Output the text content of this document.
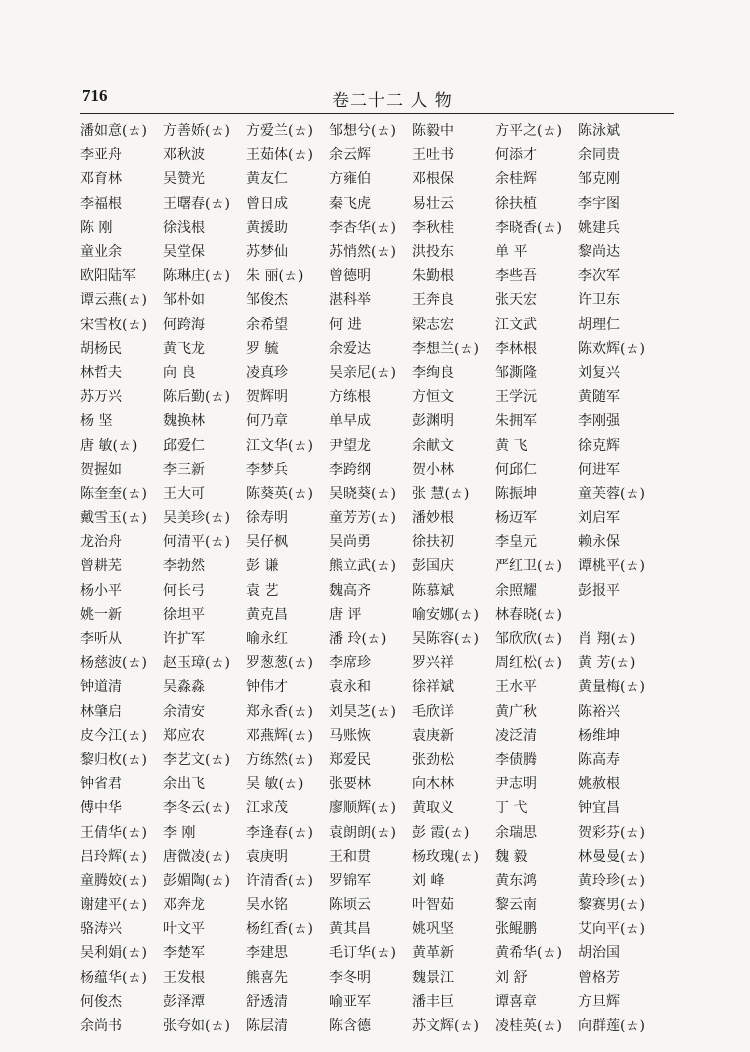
716	卷二十二 人 物
潘如意(ㄊ)	方善娇(ㄊ)	方爱兰(ㄊ)	邹想兮(ㄊ)	陈毅中	方平之(ㄊ)	陈泳斌
李亚舟	邓秋波	王茹体(ㄊ)	余云辉	王吐书	何添才	余同贵
邓育林	吴赞光	黄友仁	方雍伯	邓根保	余桂辉	邹克刚
李福根	王曙春(ㄊ)	曾日成	秦飞虎	易壮云	徐扶植	李宇图
陈 刚	徐浅根	黄援助	李杏华(ㄊ)	李秋桂	李晓香(ㄊ)	姚建兵
童业余	吴堂保	苏梦仙	苏悄然(ㄊ)	洪投东	单 平	黎尚达
欧阳陆军	陈琳庄(ㄊ)	朱 丽(ㄊ)	曾德明	朱勤根	李些吾	李次军
谭云燕(ㄊ)	邹朴如	邹俊杰	湛科举	王奔良	张天宏	许卫东
宋雪枚(ㄊ)	何跨海	余希望	何 进	梁志宏	江文武	胡理仁
胡杨民	黄飞龙	罗 毓	余爱达	李想兰(ㄊ)	李林根	陈欢辉(ㄊ)
林哲夫	向 良	凌真珍	吴亲尼(ㄊ)	李绚良	邹澌隆	刘复兴
苏万兴	陈后勤(ㄊ)	贺辉明	方练根	方恒文	王学沅	黄随军
杨 坚	魏换林	何乃章	单早成	彭渊明	朱拥军	李刚强
唐 敏(ㄊ)	邱爱仁	江文华(ㄊ)	尹望龙	余献文	黄 飞	徐克辉
贺握如	李三新	李梦兵	李跨纲	贺小林	何邱仁	何进军
陈奎奎(ㄊ)	王大可	陈葵英(ㄊ)	吴晓葵(ㄊ)	张 慧(ㄊ)	陈振坤	童芙蓉(ㄊ)
戴雪玉(ㄊ)	吴美珍(ㄊ)	徐寿明	童芳芳(ㄊ)	潘妙根	杨迈军	刘启军
龙治舟	何清平(ㄊ)	吴仔枫	吴尚勇	徐扶初	李皇元	赖永保
曾耕芜	李勃然	彭 谦	熊立武(ㄊ)	彭国庆	严红卫(ㄊ)	谭桃平(ㄊ)
杨小平	何长弓	袁 艺	魏高齐	陈慕斌	余照耀	彭报平
姚一新	徐坦平	黄克昌	唐 评	喻安娜(ㄊ)	林春晓(ㄊ)
李听从	许扩军	喻永红	潘 玲(ㄊ)	吴陈容(ㄊ)	邹欣欣(ㄊ)	肖 翔(ㄊ)
杨慈波(ㄊ)	赵玉璋(ㄊ)	罗葱葱(ㄊ)	李席珍	罗兴祥	周红松(ㄊ)	黄 芳(ㄊ)
钟道清	吴淼淼	钟伟才	袁永和	徐祥斌	王水平	黄量梅(ㄊ)
林肇启	余清安	郑永香(ㄊ)	刘昊芝(ㄊ)	毛欣详	黄广秋	陈裕兴
皮今江(ㄊ)	郑应农	邓燕辉(ㄊ)	马账恢	袁庚新	凌泛清	杨维坤
黎归枚(ㄊ)	李艺文(ㄊ)	方练然(ㄊ)	郑爱民	张劲松	李债腾	陈高寿
钟省君	余出飞	吴 敏(ㄊ)	张要林	向木林	尹志明	姚赦根
傅中华	李冬云(ㄊ)	江求茂	廖顺辉(ㄊ)	黄取义	丁 弋	钟宜昌
王倩华(ㄊ)	李 刚	李逢春(ㄊ)	袁朗朗(ㄊ)	彭 霞(ㄊ)	余瑞思	贺彩芬(ㄊ)
吕玲辉(ㄊ)	唐微凌(ㄊ)	袁庚明	王和贯	杨玫瑰(ㄊ)	魏 毅	林曼曼(ㄊ)
童腾姣(ㄊ)	彭媚陶(ㄊ)	许清香(ㄊ)	罗锦军	刘 峰	黄东鸿	黄玲珍(ㄊ)
谢建平(ㄊ)	邓奔龙	吴水铭	陈顷云	叶智茹	黎云南	黎赛男(ㄊ)
骆涛兴	叶文平	杨红香(ㄊ)	黄其昌	姚巩坚	张鲲鹏	艾向平(ㄊ)
吴利娟(ㄊ)	李楚军	李建思	毛订华(ㄊ)	黄革新	黄希华(ㄊ)	胡治国
杨蕴华(ㄊ)	王发根	熊喜先	李冬明	魏景江	刘 舒	曾格芳
何俊杰	彭泽潭	舒透清	喻亚军	潘丰巨	谭喜章	方旦辉
余尚书	张夸如(ㄊ)	陈层清	陈含德	苏文辉(ㄊ)	凌桂英(ㄊ)	向群莲(ㄊ)
